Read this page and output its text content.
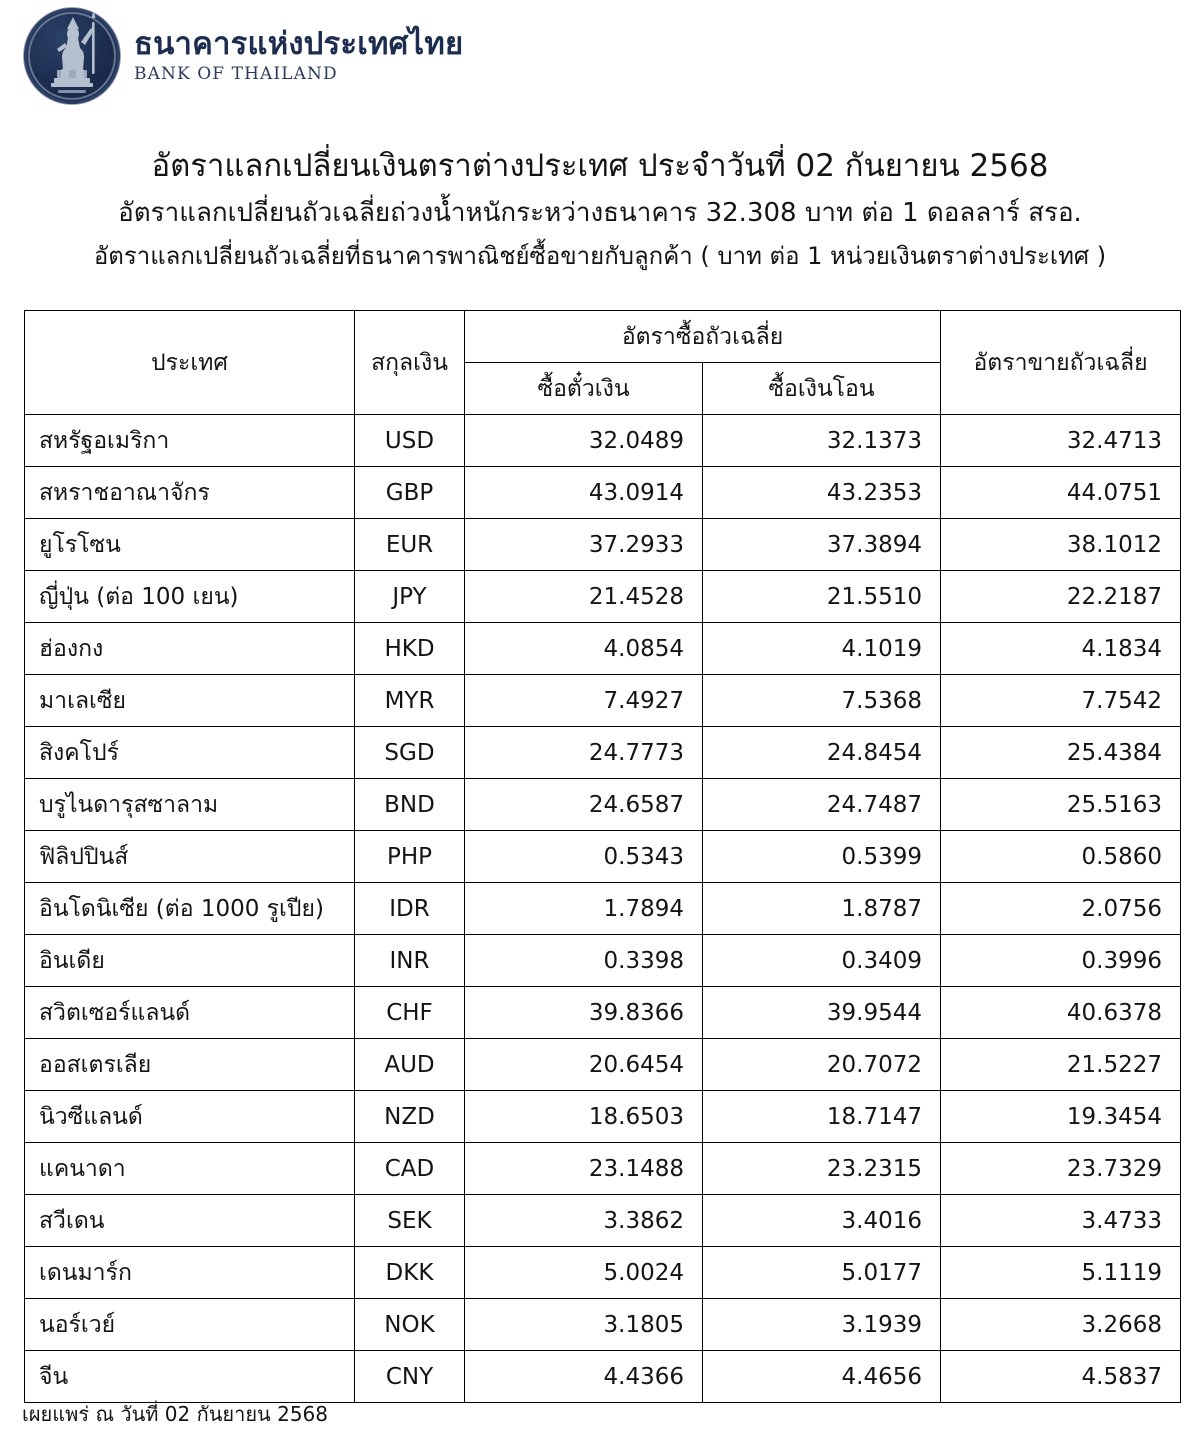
ธนาคารแห่งประเทศไทย
BANK OF THAILAND
อัตราแลกเปลี่ยนเงินตราต่างประเทศ ประจำวันที่ 02 กันยายน 2568
อัตราแลกเปลี่ยนถัวเฉลี่ยถ่วงน้ำหนักระหว่างธนาคาร 32.308 บาท ต่อ 1 ดอลลาร์ สรอ.
อัตราแลกเปลี่ยนถัวเฉลี่ยที่ธนาคารพาณิชย์ซื้อขายกับลูกค้า ( บาท ต่อ 1 หน่วยเงินตราต่างประเทศ )
ประเทศ	สกุลเงิน	อัตราซื้อถัวเฉลี่ย		อัตราขายถัวเฉลี่ย
		ซื้อตั๋วเงิน	ซื้อเงินโอน	
สหรัฐอเมริกา	USD	32.0489	32.1373	32.4713
สหราชอาณาจักร	GBP	43.0914	43.2353	44.0751
ยูโรโซน	EUR	37.2933	37.3894	38.1012
ญี่ปุ่น (ต่อ 100 เยน)	JPY	21.4528	21.5510	22.2187
ฮ่องกง	HKD	4.0854	4.1019	4.1834
มาเลเซีย	MYR	7.4927	7.5368	7.7542
สิงคโปร์	SGD	24.7773	24.8454	25.4384
บรูไนดารุสซาลาม	BND	24.6587	24.7487	25.5163
ฟิลิปปินส์	PHP	0.5343	0.5399	0.5860
อินโดนิเซีย (ต่อ 1000 รูเปีย)	IDR	1.7894	1.8787	2.0756
อินเดีย	INR	0.3398	0.3409	0.3996
สวิตเซอร์แลนด์	CHF	39.8366	39.9544	40.6378
ออสเตรเลีย	AUD	20.6454	20.7072	21.5227
นิวซีแลนด์	NZD	18.6503	18.7147	19.3454
แคนาดา	CAD	23.1488	23.2315	23.7329
สวีเดน	SEK	3.3862	3.4016	3.4733
เดนมาร์ก	DKK	5.0024	5.0177	5.1119
นอร์เวย์	NOK	3.1805	3.1939	3.2668
จีน	CNY	4.4366	4.4656	4.5837
เผยแพร่ ณ วันที่ 02 กันยายน 2568
